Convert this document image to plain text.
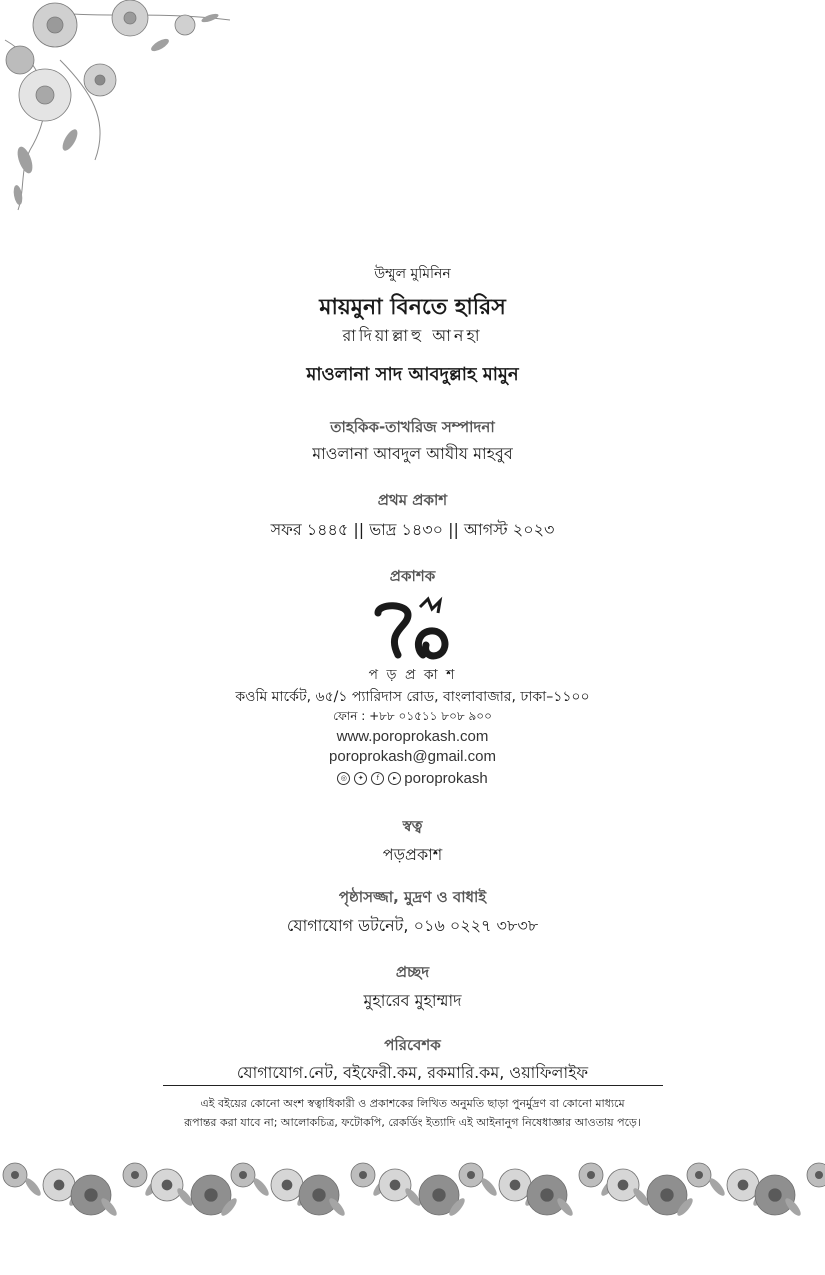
উম্মুল মুমিনিন
মায়মুনা বিনতে হারিস
রাদিয়াল্লাহু আনহা
মাওলানা সাদ আবদুল্লাহ মামুন
তাহকিক-তাখরিজ সম্পাদনা
মাওলানা আবদুল আযীয মাহবুব
প্রথম প্রকাশ
সফর ১৪৪৫ || ভাদ্র ১৪৩০ || আগস্ট ২০২৩
প্রকাশক
প ড় প্র কা শ
কওমি মার্কেট, ৬৫/১ প্যারিদাস রোড, বাংলাবাজার, ঢাকা–১১০০
ফোন : +৮৮ ০১৫১১ ৮০৮ ৯০০
www.poroprokash.com
poroprokash@gmail.com
◎	✦	f	▸ poroprokash
স্বত্ব
পড়প্রকাশ
পৃষ্ঠাসজ্জা, মুদ্রণ ও বাধাই
যোগাযোগ ডটনেট, ০১৬ ০২২৭ ৩৮৩৮
প্রচ্ছদ
মুহারেব মুহাম্মাদ
পরিবেশক
যোগাযোগ.নেট, বইফেরী.কম, রকমারি.কম, ওয়াফিলাইফ
এই বইয়ের কোনো অংশ স্বত্বাধিকারী ও প্রকাশকের লিখিত অনুমতি ছাড়া পুনর্মুদ্রণ বা কোনো মাধ্যমে
রূপান্তর করা যাবে না; আলোকচিত্র, ফটোকপি, রেকর্ডিং ইত্যাদি এই আইনানুগ নিষেধাজ্ঞার আওতায় পড়ে।
